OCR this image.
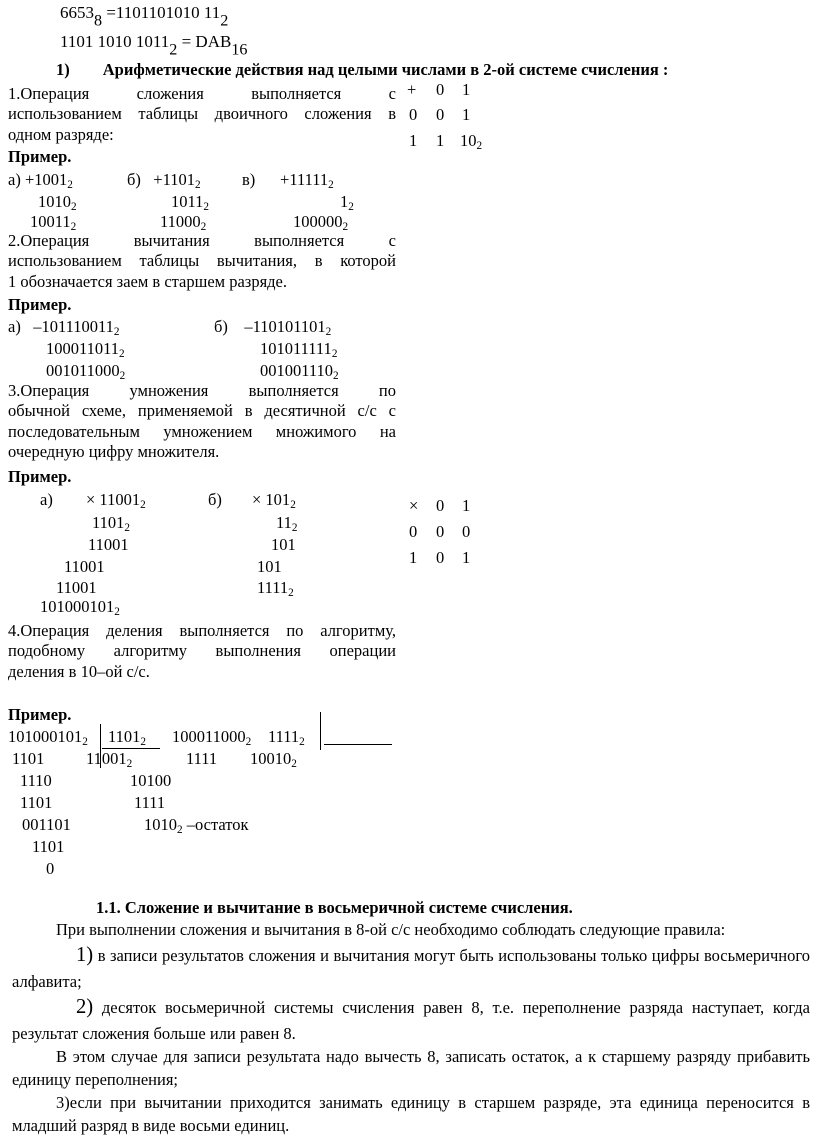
$6653_8 =1101101010$ $11_2$
1101 1010 $1011_2 = DAB_{16}$
1)        Арифметические действия над целыми числами в 2-ой системе счисления :
1.Операция сложения выполняется с
использованием таблицы двоичного сложения в
одном разряде:
Пример.
$а) +1001_2$	$б) +1101_2$	в)      $+11111_2$
$1010_2$	$1011_2$	$1_2$
$10011_2$	$11000_2$	$100000_2$
+ 0 1
0 0 1
1 1 $10_2$
2.Операция вычитания выполняется с
использованием таблицы вычитания, в которой
1 обозначается заем в старшем разряде.
Пример.
а)   $-101110011_2$	б)    $-110101101_2$
$100011011_2$	$101011111_2$
$001011000_2$	$001001110_2$
3.Операция умножения выполняется по
обычной схеме, применяемой в десятичной с/с с
последовательным умножением множимого на
очередную цифру множителя.
Пример.
$а) \times 11001_2$
$1101_2$
11001
11001
11001
$101000101_2$
$б) \times 101_2$
$11_2$
101
101
$1111_2$
× 0 1
0 0 0
1 0 1
4.Операция деления выполняется по алгоритму,
подобному алгоритму выполнения операции
деления в 10–ой с/с.
Пример.
$101000101_2$ $1101_2$
1101	$11001_2$
$100011000_2$ $1111_2$
1111 $10010_2$
1110	10100
1101	1111
001101	$1010_2$ –остаток
1101
0
1.1. Сложение и вычитание в восьмеричной системе счисления.

При выполнении сложения и вычитания в 8-ой с/с необходимо соблюдать следующие правила:

1) в записи результатов сложения и вычитания могут быть использованы только цифры восьмеричного алфавита;

2) десяток восьмеричной системы счисления равен 8, т.е. переполнение разряда наступает, когда результат сложения больше или равен 8.

В этом случае для записи результата надо вычесть 8, записать остаток, а к старшему разряду прибавить единицу переполнения;

3)если при вычитании приходится занимать единицу в старшем разряде, эта единица переносится в младший разряд в виде восьми единиц.
